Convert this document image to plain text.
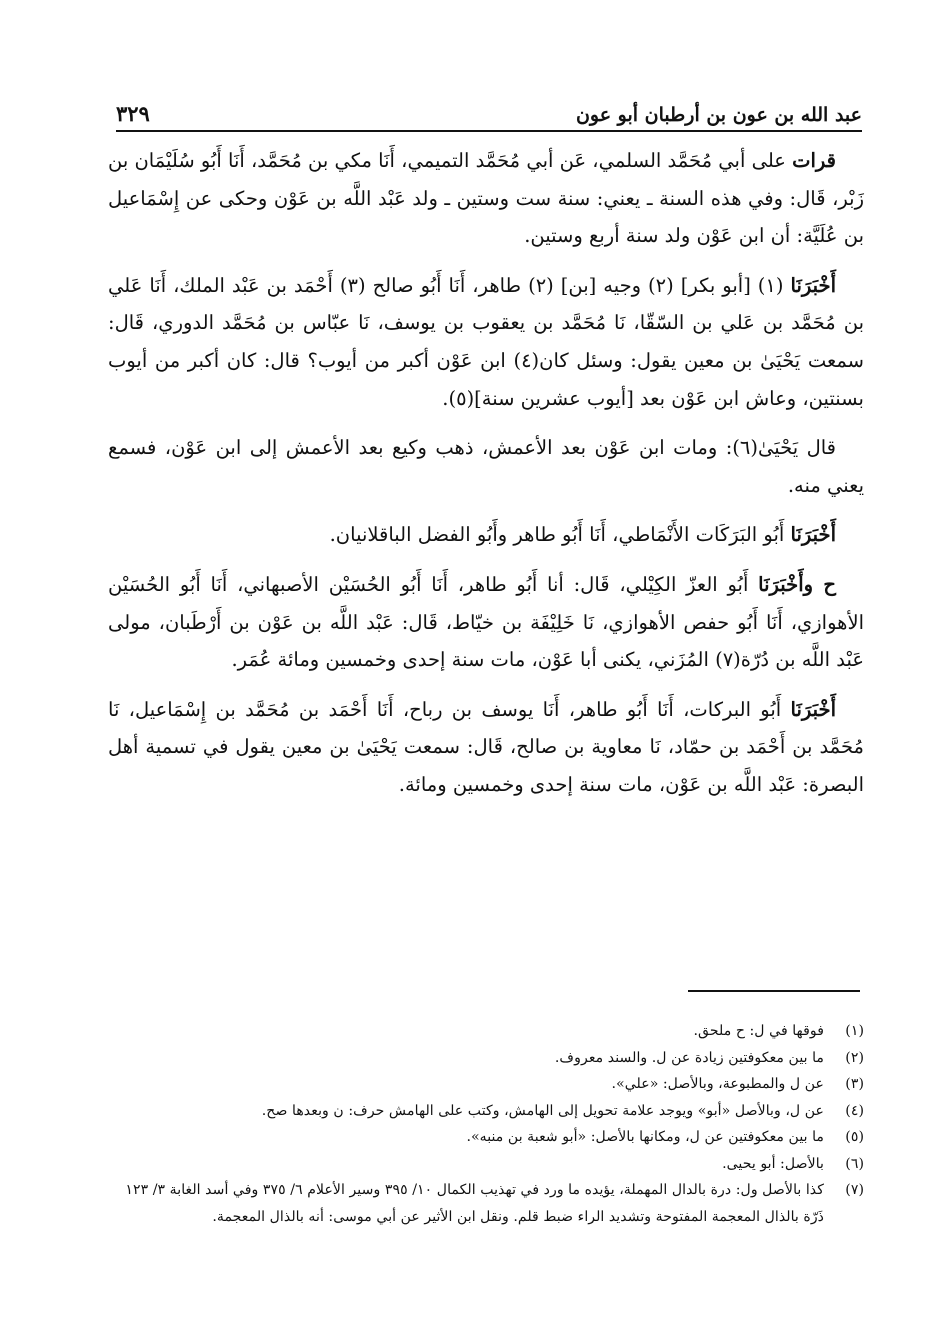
عبد الله بن عون بن أرطبان أبو عون
٣٢٩

قرات على أبي مُحَمَّد السلمي، عَن أبي مُحَمَّد التميمي، أَنَا مكي بن مُحَمَّد، أَنَا أَبُو سُلَيْمَان بن زَبْر، قَال: وفي هذه السنة ـ يعني: سنة ست وستين ـ ولد عَبْد اللَّه بن عَوْن وحكى عن إِسْمَاعيل بن عُلَيَّة: أن ابن عَوْن ولد سنة أربع وستين.

أَخْبَرَنَا (١) [أبو بكر] (٢) وجيه [بن] (٢) طاهر، أَنَا أَبُو صالح (٣) أَحْمَد بن عَبْد الملك، أَنَا عَلي بن مُحَمَّد بن عَلي بن السّقّا، نَا مُحَمَّد بن يعقوب بن يوسف، نَا عبّاس بن مُحَمَّد الدوري، قَال: سمعت يَحْيَىٰ بن معين يقول: وسئل كان(٤) ابن عَوْن أكبر من أيوب؟ قال: كان أكبر من أيوب بسنتين، وعاش ابن عَوْن بعد [أيوب عشرين سنة](٥).

قال يَحْيَىٰ(٦): ومات ابن عَوْن بعد الأعمش، ذهب وكيع بعد الأعمش إلى ابن عَوْن، فسمع يعني منه.

أَخْبَرَنَا أَبُو البَرَكَات الأَنْمَاطي، أَنَا أَبُو طاهر وأَبُو الفضل الباقلانيان.

ح وأَخْبَرَنَا أَبُو العزّ الكِيْلي، قَال: أنا أَبُو طاهر، أَنَا أَبُو الحُسَيْن الأصبهاني، أَنَا أَبُو الحُسَيْن الأهوازي، أَنَا أَبُو حفص الأهوازي، نَا خَلِيْفَة بن خيّاط، قَال: عَبْد اللَّه بن عَوْن بن أَرْطَبان، مولى عَبْد اللَّه بن دُرّة(٧) المُزَني، يكنى أبا عَوْن، مات سنة إحدى وخمسين ومائة عُمَر.

أَخْبَرَنَا أَبُو البركات، أَنَا أَبُو طاهر، أَنَا يوسف بن رباح، أَنَا أَحْمَد بن مُحَمَّد بن إِسْمَاعيل، نَا مُحَمَّد بن أَحْمَد بن حمّاد، نَا معاوية بن صالح، قَال: سمعت يَحْيَىٰ بن معين يقول في تسمية أهل البصرة: عَبْد اللَّه بن عَوْن، مات سنة إحدى وخمسين ومائة.

(١)
فوقها في ل: ح ملحق.
(٢)
ما بين معكوفتين زيادة عن ل. والسند معروف.
(٣)
عن ل والمطبوعة، وبالأصل: «علي».
(٤)
عن ل، وبالأصل «أبو» ويوجد علامة تحويل إلى الهامش، وكتب على الهامش حرف: ن وبعدها صح.
(٥)
ما بين معكوفتين عن ل، ومكانها بالأصل: «أبو شعبة بن منبه».
(٦)
بالأصل: أبو يحيى.
(٧)
كذا بالأصل ول: درة بالدال المهملة، يؤيده ما ورد في تهذيب الكمال ١٠/ ٣٩٥ وسير الأعلام ٦/ ٣٧٥ وفي أسد الغابة ٣/ ١٢٣ ذَرّة بالذال المعجمة المفتوحة وتشديد الراء ضبط قلم. ونقل ابن الأثير عن أبي موسى: أنه بالذال المعجمة.
